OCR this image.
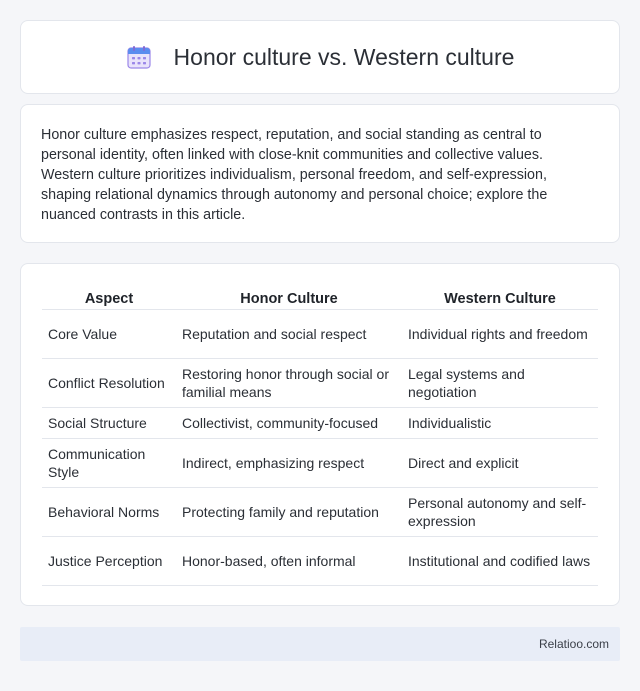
Honor culture vs. Western culture

Honor culture emphasizes respect, reputation, and social standing as central to personal identity, often linked with close-knit communities and collective values. Western culture prioritizes individualism, personal freedom, and self-expression, shaping relational dynamics through autonomy and personal choice; explore the nuanced contrasts in this article.

Aspect	Honor Culture	Western Culture
Core Value	Reputation and social respect	Individual rights and freedom
Conflict Resolution	Restoring honor through social or familial means	Legal systems and negotiation
Social Structure	Collectivist, community-focused	Individualistic
Communication Style	Indirect, emphasizing respect	Direct and explicit
Behavioral Norms	Protecting family and reputation	Personal autonomy and self-expression
Justice Perception	Honor-based, often informal	Institutional and codified laws
Relatioo.com
